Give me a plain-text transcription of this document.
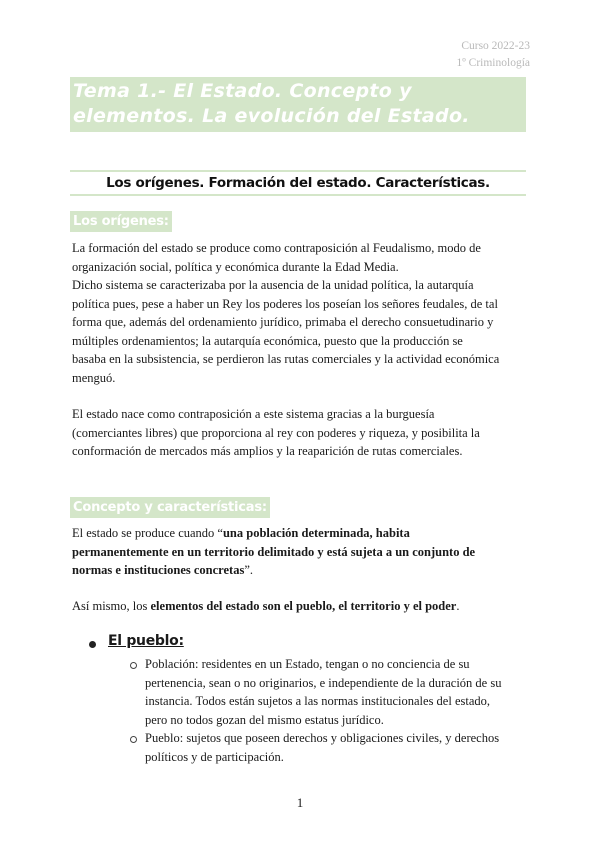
Curso 2022-23
1º Criminología
Tema 1.- El Estado. Concepto y
elementos. La evolución del Estado.
Los orígenes. Formación del estado. Características.
Los orígenes:
La formación del estado se produce como contraposición al Feudalismo, modo de
organización social, política y económica durante la Edad Media.
Dicho sistema se caracterizaba por la ausencia de la unidad política, la autarquía
política pues, pese a haber un Rey los poderes los poseían los señores feudales, de tal
forma que, además del ordenamiento jurídico, primaba el derecho consuetudinario y
múltiples ordenamientos; la autarquía económica, puesto que la producción se
basaba en la subsistencia, se perdieron las rutas comerciales y la actividad económica
menguó.
El estado nace como contraposición a este sistema gracias a la burguesía
(comerciantes libres) que proporciona al rey con poderes y riqueza, y posibilita la
conformación de mercados más amplios y la reaparición de rutas comerciales.
Concepto y características:
El estado se produce cuando “una población determinada, habita
permanentemente en un territorio delimitado y está sujeta a un conjunto de
normas e instituciones concretas”.
Así mismo, los elementos del estado son el pueblo, el territorio y el poder.
El pueblo:
Población: residentes en un Estado, tengan o no conciencia de su
pertenencia, sean o no originarios, e independiente de la duración de su
instancia. Todos están sujetos a las normas institucionales del estado,
pero no todos gozan del mismo estatus jurídico.
Pueblo: sujetos que poseen derechos y obligaciones civiles, y derechos
políticos y de participación.
1
